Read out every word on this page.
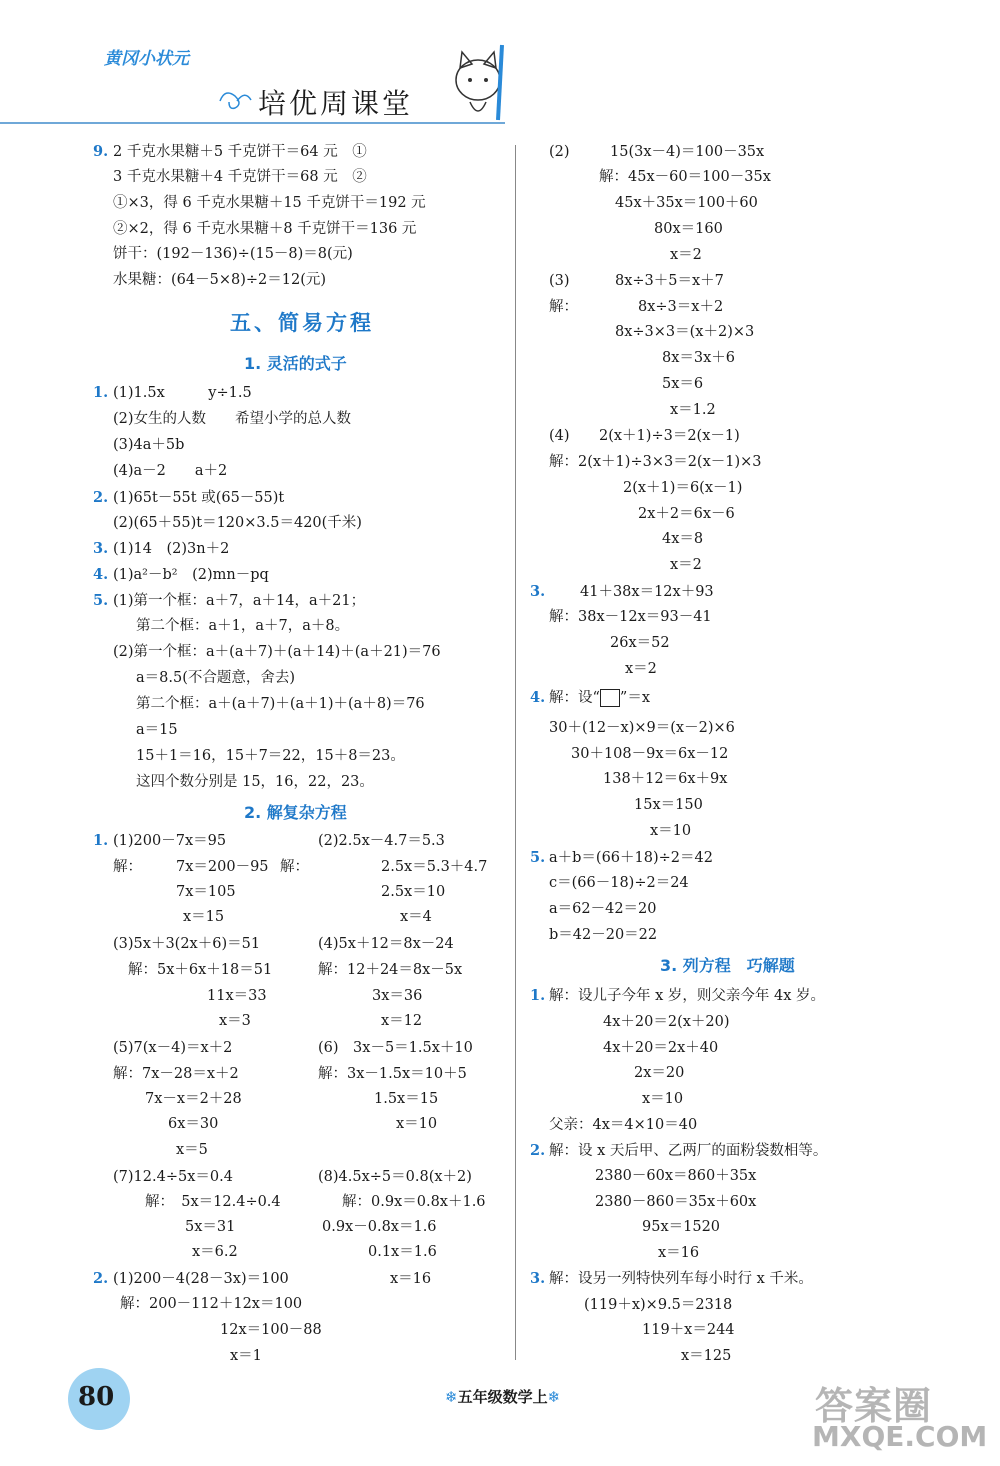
黄冈小状元
培优周课堂
9. 2 千克水果糖＋5 千克饼干＝64 元　①
3 千克水果糖＋4 千克饼干＝68 元　②
①×3，得 6 千克水果糖＋15 千克饼干＝192 元
②×2，得 6 千克水果糖＋8 千克饼干＝136 元
饼干：(192－136)÷(15－8)＝8(元)
水果糖：(64－5×8)÷2＝12(元)
五、简易方程
1. 灵活的式子
1. (1)1.5x　　　y÷1.5
(2)女生的人数　　希望小学的总人数
(3)4a＋5b
(4)a－2　　a＋2
2. (1)65t－55t 或(65－55)t
(2)(65＋55)t＝120×3.5＝420(千米)
3. (1)14　(2)3n＋2
4. (1)a²－b²　(2)mn－pq
5. (1)第一个框：a＋7，a＋14，a＋21；
第二个框：a＋1，a＋7，a＋8。
(2)第一个框：a＋(a＋7)＋(a＋14)＋(a＋21)＝76
a＝8.5(不合题意，舍去)
第二个框：a＋(a＋7)＋(a＋1)＋(a＋8)＝76
a＝15
15＋1＝16，15＋7＝22，15＋8＝23。
这四个数分别是 15，16，22，23。
2. 解复杂方程
1. (1)200－7x＝95	(2)2.5x－4.7＝5.3
解： 7x＝200－95 解：	2.5x＝5.3＋4.7
7x＝105	2.5x＝10
x＝15	x＝4
(3)5x＋3(2x＋6)＝51	(4)5x＋12＝8x－24
解：5x＋6x＋18＝51	解：12＋24＝8x－5x
11x＝33	3x＝36
x＝3	x＝12
(5)7(x－4)＝x＋2	(6)　3x－5＝1.5x＋10
解：7x－28＝x＋2	解：3x－1.5x＝10＋5
7x－x＝2＋28	1.5x＝15
6x＝30	x＝10
x＝5
(7)12.4÷5x＝0.4	(8)4.5x÷5＝0.8(x＋2)
解：　5x＝12.4÷0.4	解：0.9x＝0.8x＋1.6
5x＝31	0.9x－0.8x＝1.6
x＝6.2	0.1x＝1.6
2. (1)200－4(28－3x)＝100	x＝16
解：200－112＋12x＝100
12x＝100－88
x＝1
(2)	15(3x－4)＝100－35x
解：45x－60＝100－35x
45x＋35x＝100＋60
80x＝160
x＝2
(3)	8x÷3＋5＝x＋7
解：	8x÷3＝x＋2
8x÷3×3＝(x＋2)×3
8x＝3x＋6
5x＝6
x＝1.2
(4) 2(x＋1)÷3＝2(x－1)
解：2(x＋1)÷3×3＝2(x－1)×3
2(x＋1)＝6(x－1)
2x＋2＝6x－6
4x＝8
x＝2
3. 41＋38x＝12x＋93
解：38x－12x＝93－41
26x＝52
x＝2
4. 解：设“ ”＝x
30＋(12－x)×9＝(x－2)×6
30＋108－9x＝6x－12
138＋12＝6x＋9x
15x＝150
x＝10
5. a＋b＝(66＋18)÷2＝42
c＝(66－18)÷2＝24
a＝62－42＝20
b＝42－20＝22
3. 列方程　巧解题
1. 解：设儿子今年 x 岁，则父亲今年 4x 岁。
4x＋20＝2(x＋20)
4x＋20＝2x＋40
2x＝20
x＝10
父亲：4x＝4×10＝40
2. 解：设 x 天后甲、乙两厂的面粉袋数相等。
2380－60x＝860＋35x
2380－860＝35x＋60x
95x＝1520
x＝16
3. 解：设另一列特快列车每小时行 x 千米。
(119＋x)×9.5＝2318
119＋x＝244
x＝125
80	❄五年级数学上❄	答案圈
MXQE.COM
